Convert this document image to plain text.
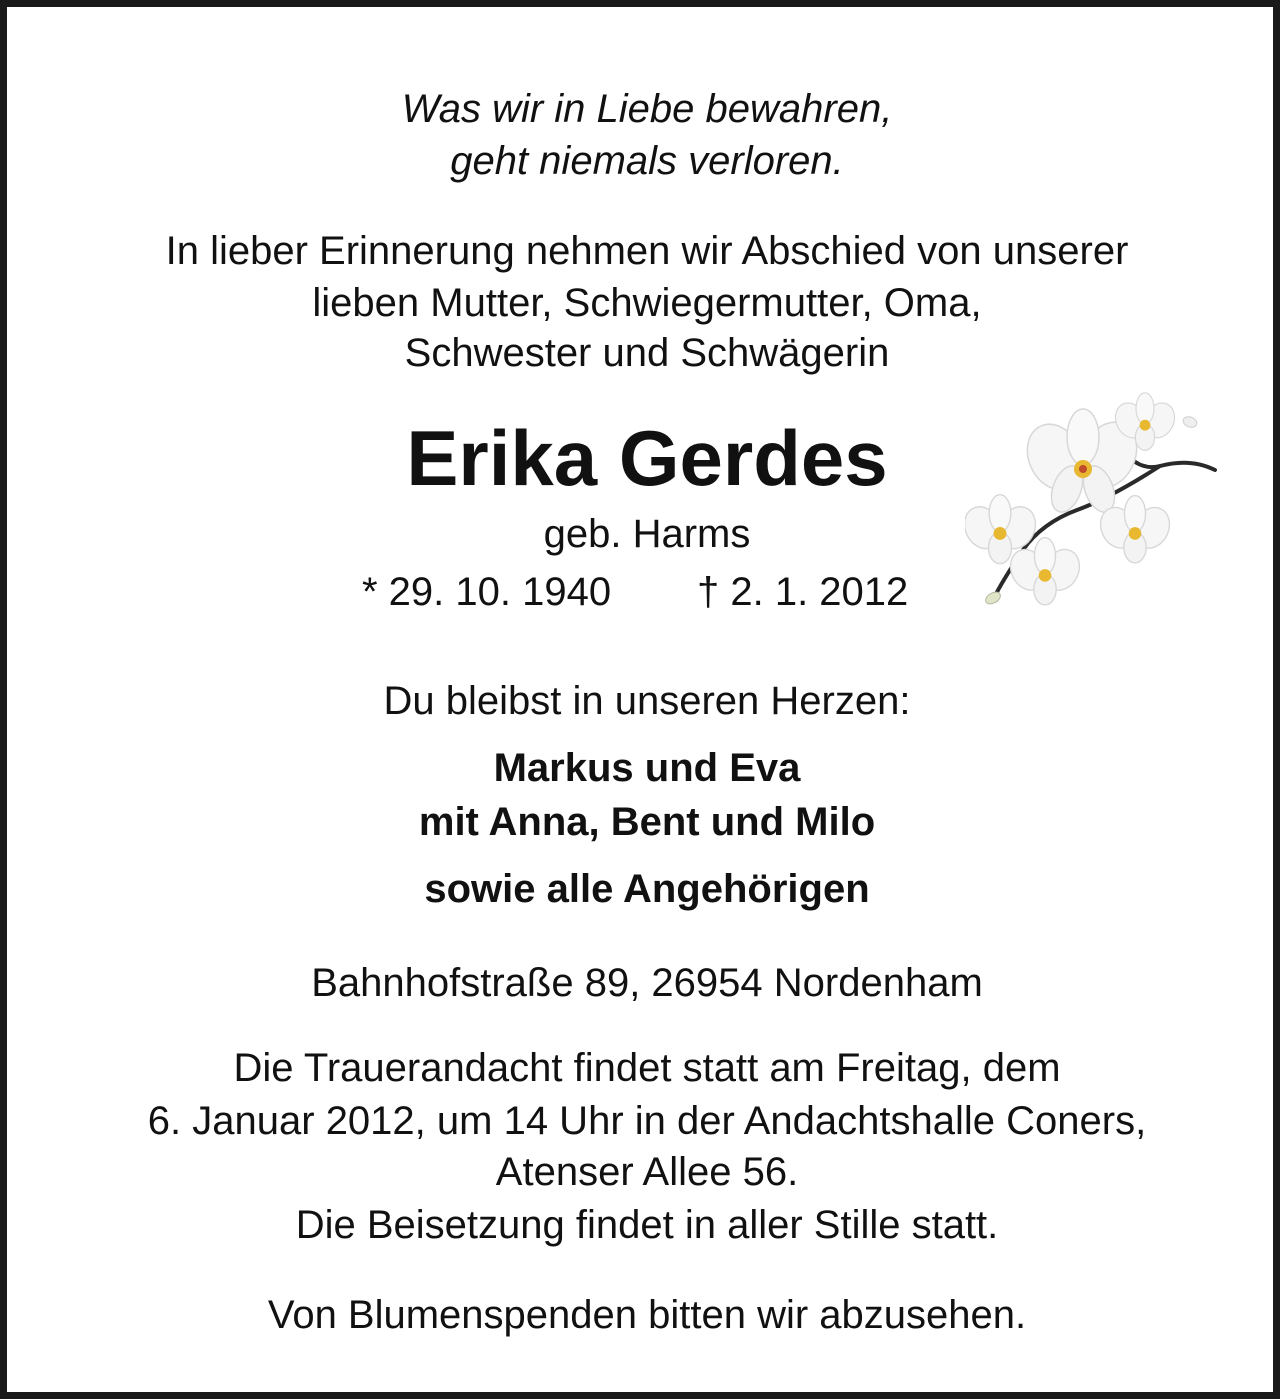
Was wir in Liebe bewahren,
geht niemals verloren.
In lieber Erinnerung nehmen wir Abschied von unserer
lieben Mutter, Schwiegermutter, Oma,
Schwester und Schwägerin
Erika Gerdes
geb. Harms
* 29. 10. 1940 † 2. 1. 2012
Du bleibst in unseren Herzen:
Markus und Eva
mit Anna, Bent und Milo
sowie alle Angehörigen
Bahnhofstraße 89, 26954 Nordenham
Die Trauerandacht findet statt am Freitag, dem
6. Januar 2012, um 14 Uhr in der Andachtshalle Coners,
Atenser Allee 56.
Die Beisetzung findet in aller Stille statt.
Von Blumenspenden bitten wir abzusehen.
